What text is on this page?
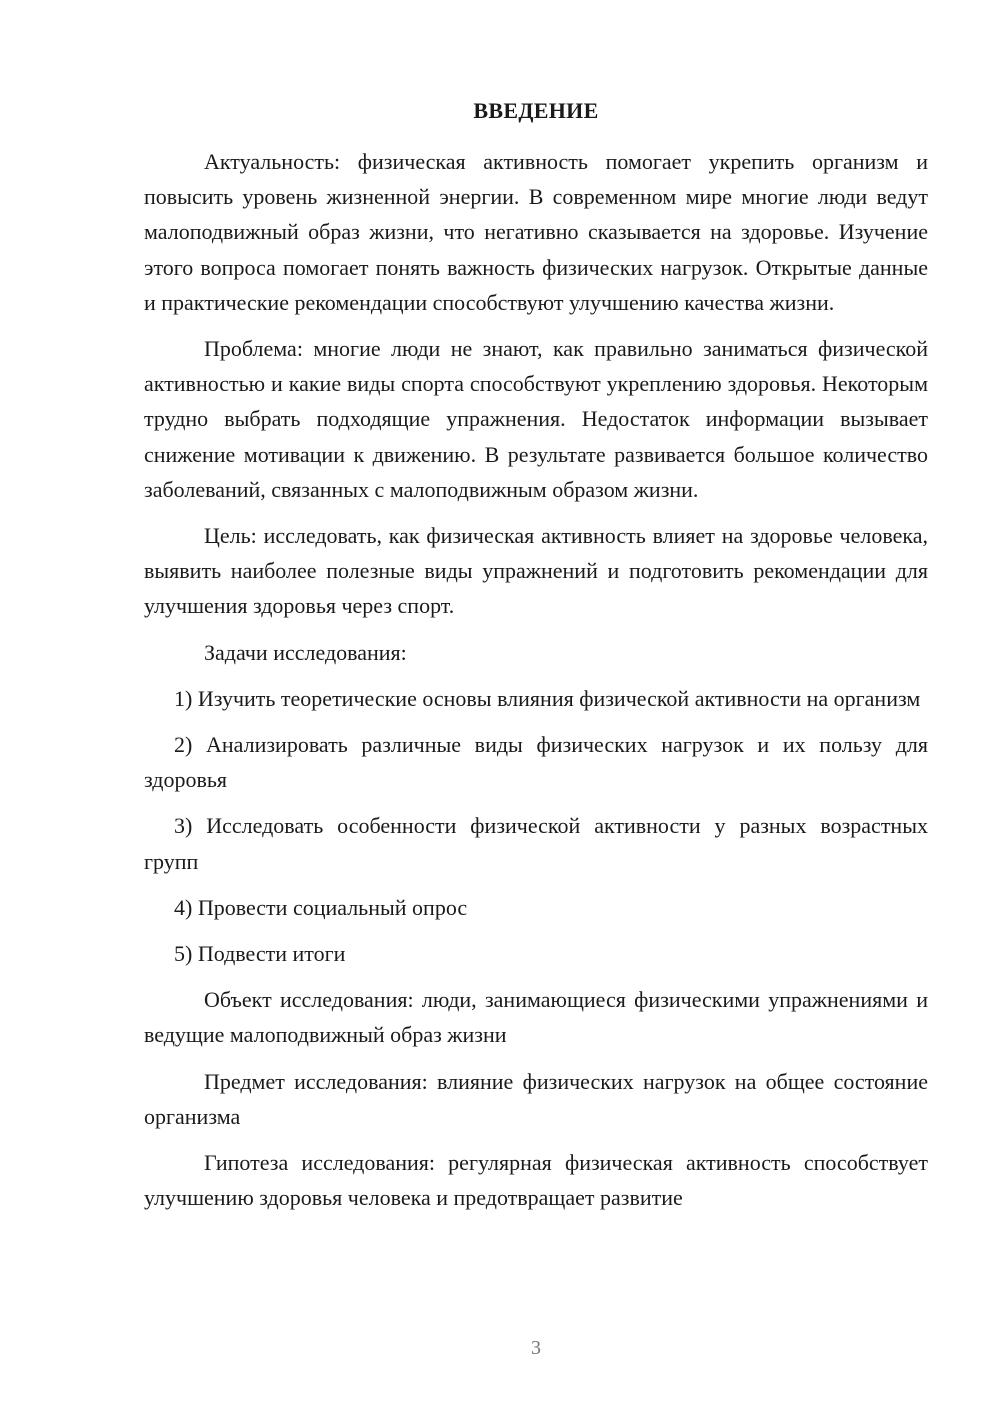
ВВЕДЕНИЕ

Актуальность: физическая активность помогает укрепить организм и повысить уровень жизненной энергии. В современном мире многие люди ведут малоподвижный образ жизни, что негативно сказывается на здоровье. Изучение этого вопроса помогает понять важность физических нагрузок. Открытые данные и практические рекомендации способствуют улучшению качества жизни.

Проблема: многие люди не знают, как правильно заниматься физической активностью и какие виды спорта способствуют укреплению здоровья. Некоторым трудно выбрать подходящие упражнения. Недостаток информации вызывает снижение мотивации к движению. В результате развивается большое количество заболеваний, связанных с малоподвижным образом жизни.

Цель: исследовать, как физическая активность влияет на здоровье человека, выявить наиболее полезные виды упражнений и подготовить рекомендации для улучшения здоровья через спорт.

Задачи исследования:

1) Изучить теоретические основы влияния физической активности на организм

2) Анализировать различные виды физических нагрузок и их пользу для здоровья

3) Исследовать особенности физической активности у разных возрастных групп

4) Провести социальный опрос

5) Подвести итоги

Объект исследования: люди, занимающиеся физическими упражнениями и ведущие малоподвижный образ жизни

Предмет исследования: влияние физических нагрузок на общее состояние организма

Гипотеза исследования: регулярная физическая активность способствует улучшению здоровья человека и предотвращает развитие

3
